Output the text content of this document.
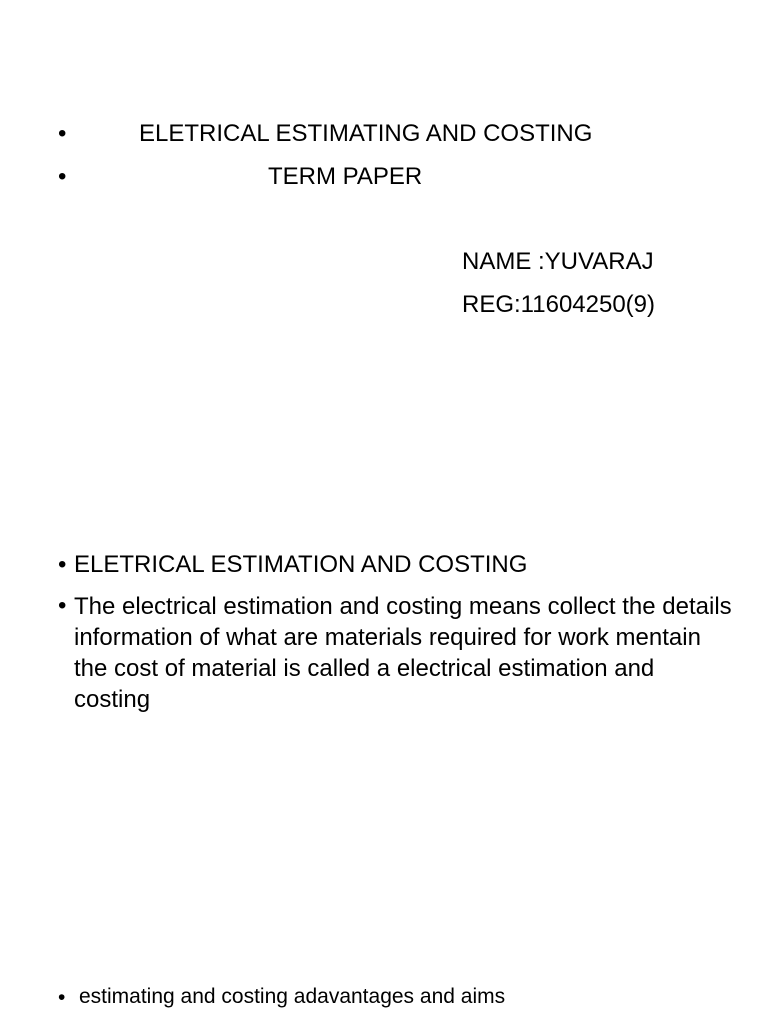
•	ELETRICAL ESTIMATING AND COSTING
•	TERM PAPER
NAME :YUVARAJ
REG:11604250(9)
• ELETRICAL ESTIMATION AND COSTING
• The electrical estimation and costing means collect the details information of what are materials required for work mentain the cost of material is called a electrical estimation and costing
• estimating and costing adavantages and aims
